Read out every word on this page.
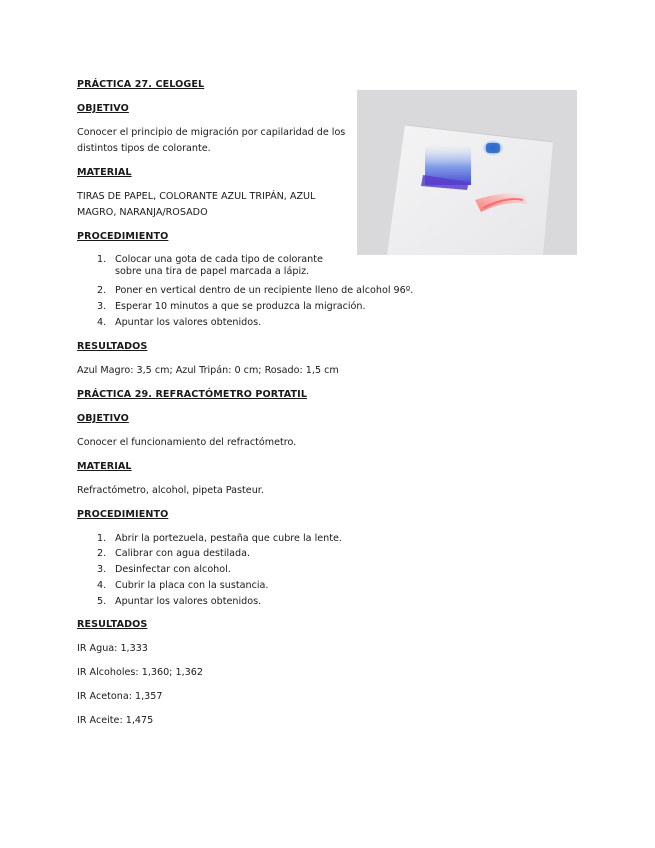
PRÁCTICA 27. CELOGEL
OBJETIVO
Conocer el principio de migración por capilaridad de los
distintos tipos de colorante.
MATERIAL
TIRAS DE PAPEL, COLORANTE AZUL TRIPÁN, AZUL
MAGRO, NARANJA/ROSADO
PROCEDIMIENTO
1. Colocar una gota de cada tipo de colorante
sobre una tira de papel marcada a lápiz.
2. Poner en vertical dentro de un recipiente lleno de alcohol 96º.
3. Esperar 10 minutos a que se produzca la migración.
4. Apuntar los valores obtenidos.
RESULTADOS
Azul Magro: 3,5 cm; Azul Tripán: 0 cm; Rosado: 1,5 cm
PRÁCTICA 29. REFRACTÓMETRO PORTATIL
OBJETIVO
Conocer el funcionamiento del refractómetro.
MATERIAL
Refractómetro, alcohol, pipeta Pasteur.
PROCEDIMIENTO
1. Abrir la portezuela, pestaña que cubre la lente.
2. Calibrar con agua destilada.
3. Desinfectar con alcohol.
4. Cubrir la placa con la sustancia.
5. Apuntar los valores obtenidos.
RESULTADOS
IR Agua: 1,333
IR Alcoholes: 1,360; 1,362
IR Acetona: 1,357
IR Aceite: 1,475
